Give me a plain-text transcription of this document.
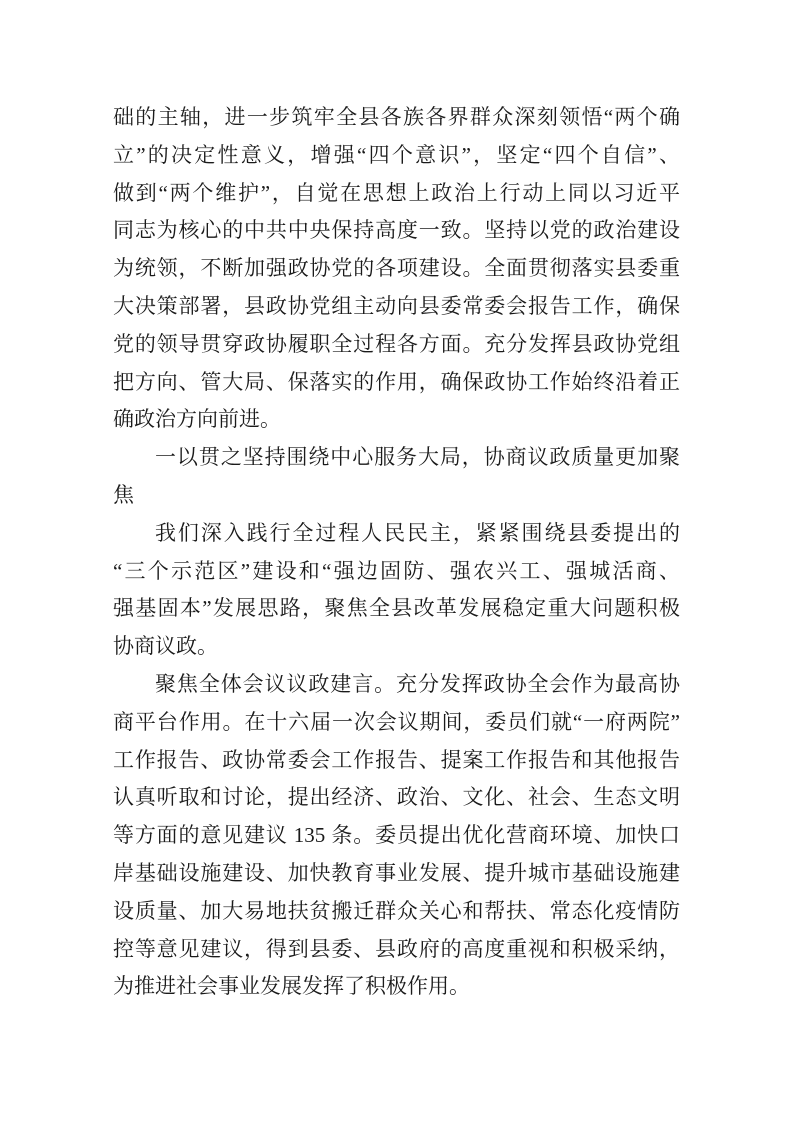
础的主轴，进一步筑牢全县各族各界群众深刻领悟“两个确
立”的决定性意义，增强“四个意识”，坚定“四个自信”、
做到“两个维护”，自觉在思想上政治上行动上同以习近平
同志为核心的中共中央保持高度一致。坚持以党的政治建设
为统领，不断加强政协党的各项建设。全面贯彻落实县委重
大决策部署，县政协党组主动向县委常委会报告工作，确保
党的领导贯穿政协履职全过程各方面。充分发挥县政协党组
把方向、管大局、保落实的作用，确保政协工作始终沿着正
确政治方向前进。
一以贯之坚持围绕中心服务大局，协商议政质量更加聚
焦
我们深入践行全过程人民民主，紧紧围绕县委提出的
“三个示范区”建设和“强边固防、强农兴工、强城活商、
强基固本”发展思路，聚焦全县改革发展稳定重大问题积极
协商议政。
聚焦全体会议议政建言。充分发挥政协全会作为最高协
商平台作用。在十六届一次会议期间，委员们就“一府两院”
工作报告、政协常委会工作报告、提案工作报告和其他报告
认真听取和讨论，提出经济、政治、文化、社会、生态文明
等方面的意见建议 135 条。委员提出优化营商环境、加快口
岸基础设施建设、加快教育事业发展、提升城市基础设施建
设质量、加大易地扶贫搬迁群众关心和帮扶、常态化疫情防
控等意见建议，得到县委、县政府的高度重视和积极采纳，
为推进社会事业发展发挥了积极作用。
